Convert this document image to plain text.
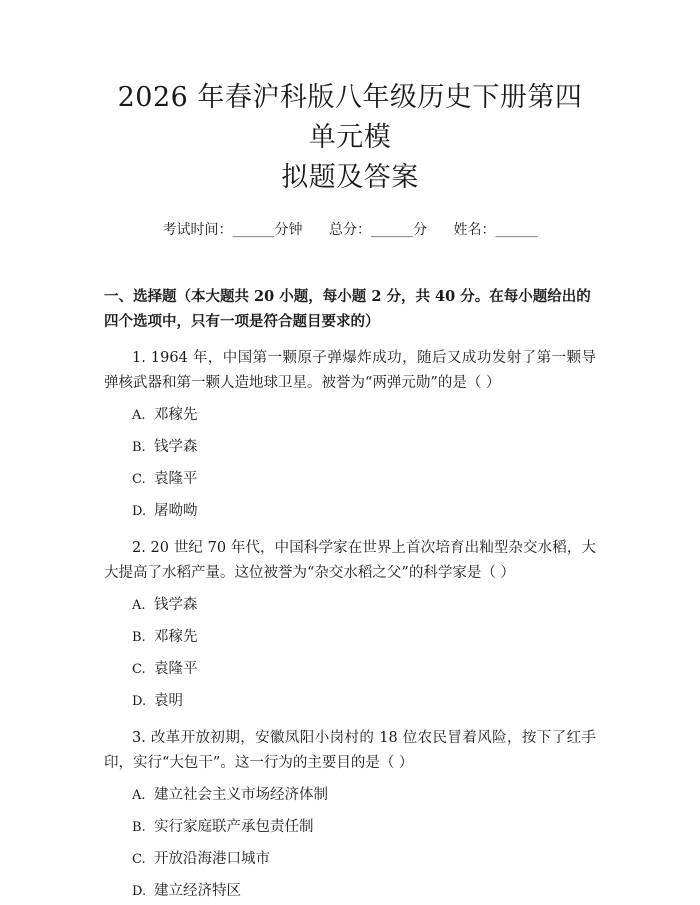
2026 年春沪科版八年级历史下册第四单元模
拟题及答案
考试时间：______分钟 总分：______分 姓名：______
一、选择题（本大题共 20 小题，每小题 2 分，共 40 分。在每小题给出的四个选项中，只有一项是符合题目要求的）
1. 1964 年，中国第一颗原子弹爆炸成功，随后又成功发射了第一颗导弹核武器和第一颗人造地球卫星。被誉为“两弹元勋”的是（ ）
A. 邓稼先
B. 钱学森
C. 袁隆平
D. 屠呦呦
2. 20 世纪 70 年代，中国科学家在世界上首次培育出籼型杂交水稻，大大提高了水稻产量。这位被誉为“杂交水稻之父”的科学家是（ ）
A. 钱学森
B. 邓稼先
C. 袁隆平
D. 袁明
3. 改革开放初期，安徽凤阳小岗村的 18 位农民冒着风险，按下了红手印，实行“大包干”。这一行为的主要目的是（ ）
A. 建立社会主义市场经济体制
B. 实行家庭联产承包责任制
C. 开放沿海港口城市
D. 建立经济特区
